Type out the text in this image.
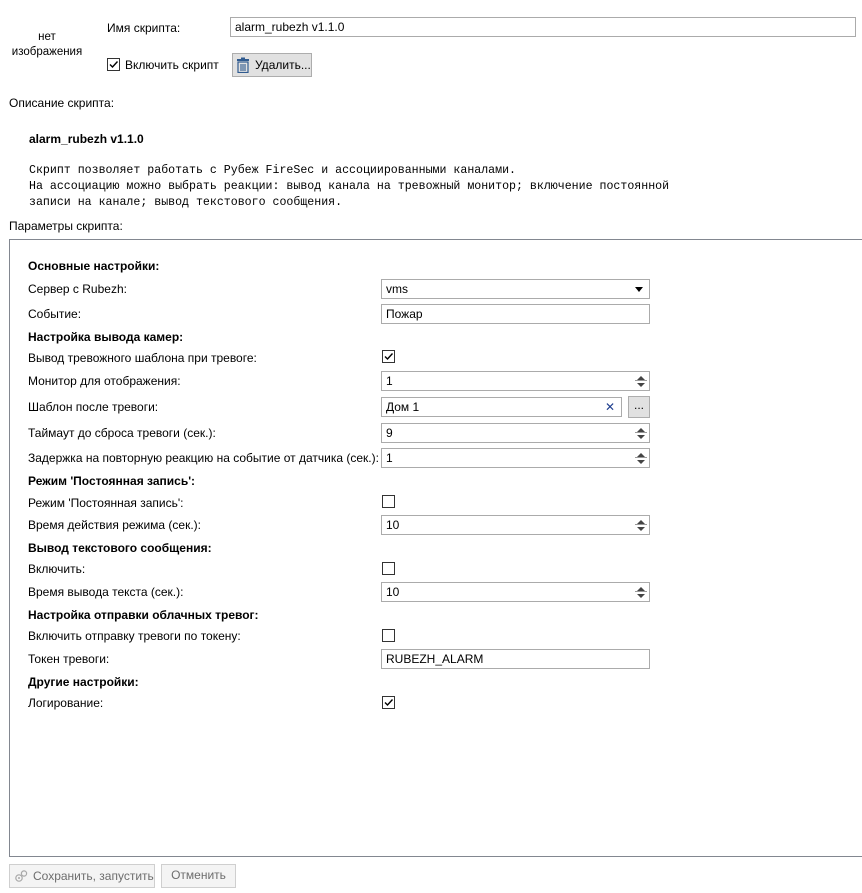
нет
изображения
Имя скрипта:	alarm_rubezh v1.1.0
Включить скрипт	Удалить...
Описание скрипта:
alarm_rubezh v1.1.0
Скрипт позволяет работать с Рубеж FireSec и ассоциированными каналами.
На ассоциацию можно выбрать реакции: вывод канала на тревожный монитор; включение постоянной
записи на канале; вывод текстового сообщения.
Параметры скрипта:
Основные настройки:
Сервер с Rubezh:	vms
Событие:	Пожар
Настройка вывода камер:
Вывод тревожного шаблона при тревоге:
Монитор для отображения:	1
Шаблон после тревоги:	Дом 1	✕	...
Таймаут до сброса тревоги (сек.):	9
Задержка на повторную реакцию на событие от датчика (сек.): 1
Режим 'Постоянная запись':
Режим 'Постоянная запись':
Время действия режима (сек.):	10
Вывод текстового сообщения:
Включить:
Время вывода текста (сек.):	10
Настройка отправки облачных тревог:
Включить отправку тревоги по токену:
Токен тревоги:	RUBEZH_ALARM
Другие настройки:
Логирование:
Сохранить, запустить	Отменить
